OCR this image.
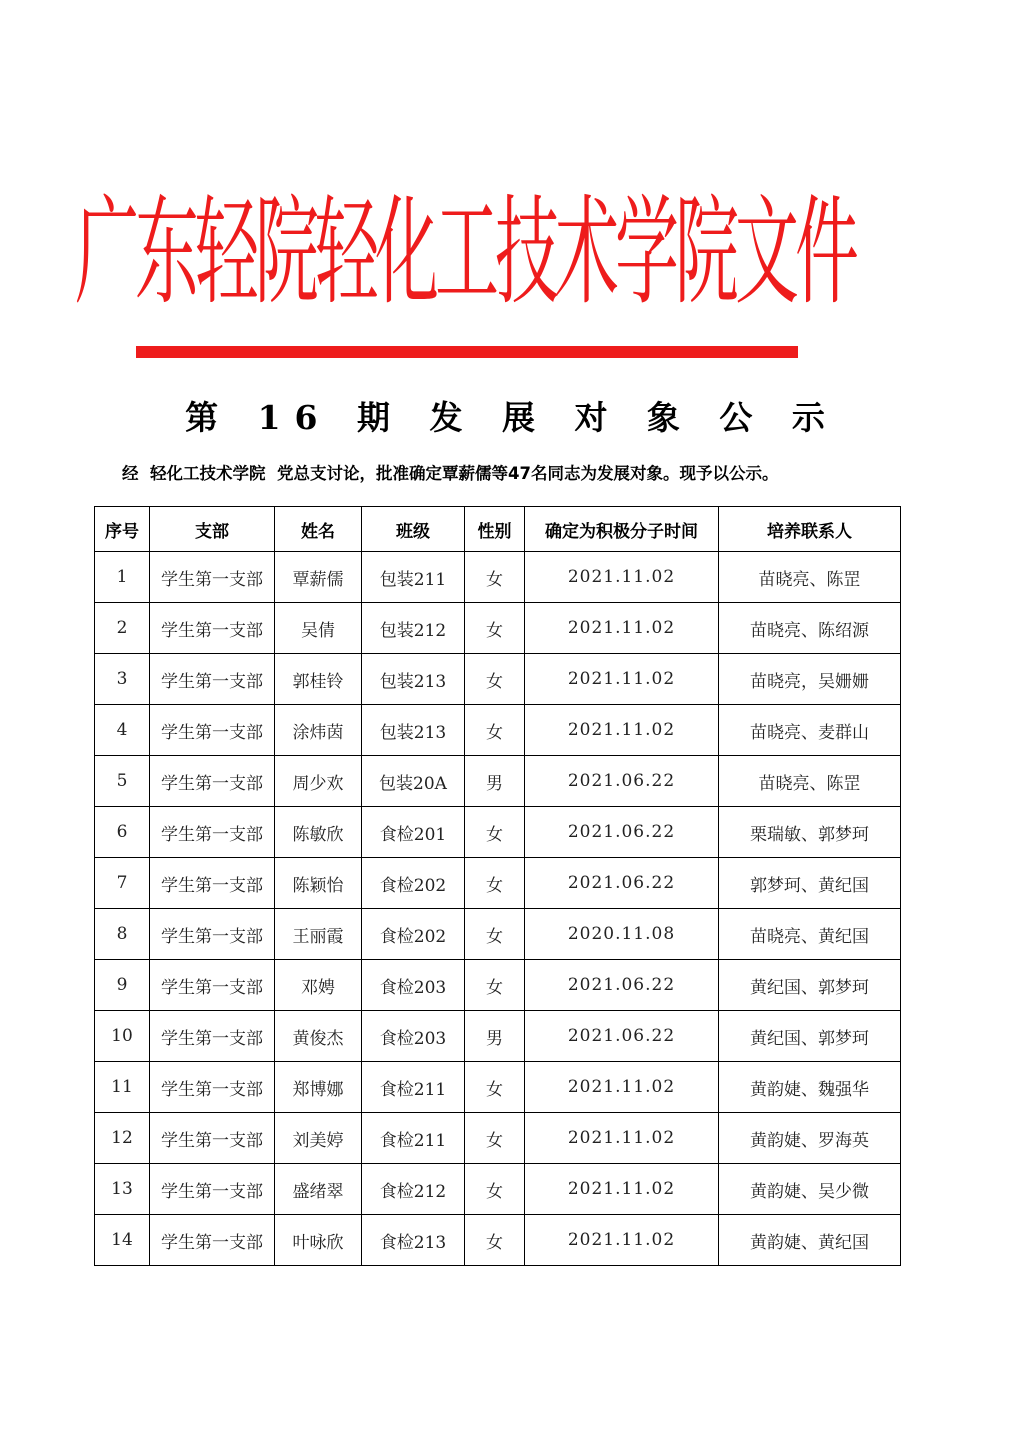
广东轻院轻化工技术学院文件
第 16 期 发 展 对 象 公 示
经  轻化工技术学院  党总支讨论，批准确定覃薪儒等47名同志为发展对象。现予以公示。
序号	支部	姓名	班级	性别	确定为积极分子时间	培养联系人
1	学生第一支部	覃薪儒	包装211	女	2021.11.02	苗晓亮、陈罡
2	学生第一支部	吴倩	包装212	女	2021.11.02	苗晓亮、陈绍源
3	学生第一支部	郭桂铃	包装213	女	2021.11.02	苗晓亮，吴姗姗
4	学生第一支部	涂炜茵	包装213	女	2021.11.02	苗晓亮、麦群山
5	学生第一支部	周少欢	包装20A	男	2021.06.22	苗晓亮、陈罡
6	学生第一支部	陈敏欣	食检201	女	2021.06.22	栗瑞敏、郭梦珂
7	学生第一支部	陈颖怡	食检202	女	2021.06.22	郭梦珂、黄纪国
8	学生第一支部	王丽霞	食检202	女	2020.11.08	苗晓亮、黄纪国
9	学生第一支部	邓娉	食检203	女	2021.06.22	黄纪国、郭梦珂
10	学生第一支部	黄俊杰	食检203	男	2021.06.22	黄纪国、郭梦珂
11	学生第一支部	郑博娜	食检211	女	2021.11.02	黄韵婕、魏强华
12	学生第一支部	刘美婷	食检211	女	2021.11.02	黄韵婕、罗海英
13	学生第一支部	盛绪翠	食检212	女	2021.11.02	黄韵婕、吴少微
14	学生第一支部	叶咏欣	食检213	女	2021.11.02	黄韵婕、黄纪国
